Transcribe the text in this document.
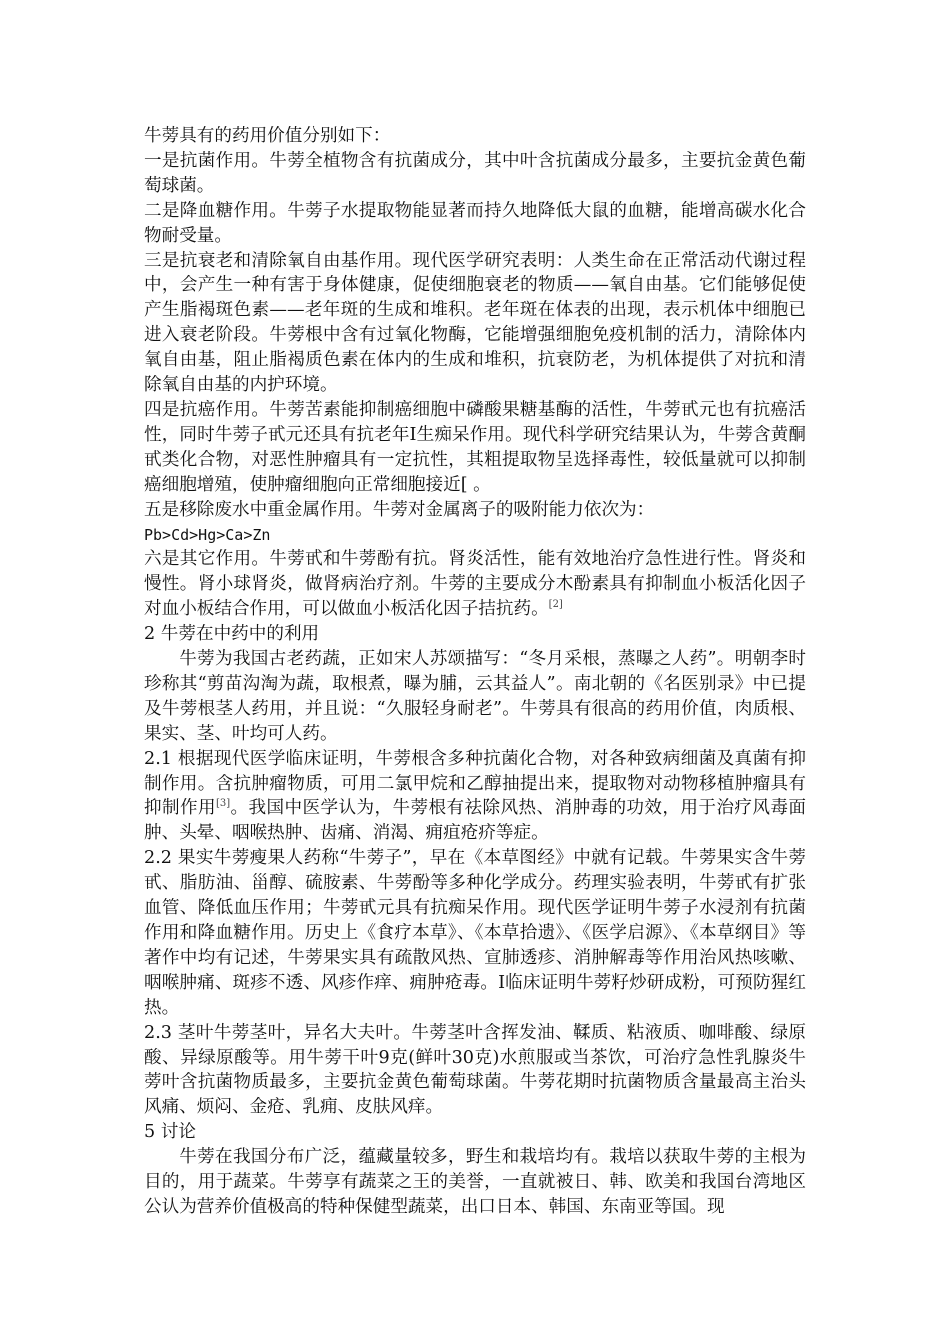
牛蒡具有的药用价值分别如下：

一是抗菌作用。牛蒡全植物含有抗菌成分，其中叶含抗菌成分最多，主要抗金黄色葡萄球菌。

二是降血糖作用。牛蒡子水提取物能显著而持久地降低大鼠的血糖，能增高碳水化合物耐受量。

三是抗衰老和清除氧自由基作用。现代医学研究表明：人类生命在正常活动代谢过程中，会产生一种有害于身体健康，促使细胞衰老的物质——氧自由基。它们能够促使产生脂褐斑色素——老年斑的生成和堆积。老年斑在体表的出现，表示机体中细胞已进入衰老阶段。牛蒡根中含有过氧化物酶，它能增强细胞免疫机制的活力，清除体内氧自由基，阻止脂褐质色素在体内的生成和堆积，抗衰防老，为机体提供了对抗和清除氧自由基的内护环境。

四是抗癌作用。牛蒡苦素能抑制癌细胞中磷酸果糖基酶的活性，牛蒡甙元也有抗癌活性，同时牛蒡子甙元还具有抗老年I生痴呆作用。现代科学研究结果认为，牛蒡含黄酮甙类化合物，对恶性肿瘤具有一定抗性，其粗提取物呈选择毒性，较低量就可以抑制癌细胞增殖，使肿瘤细胞向正常细胞接近[ 。

五是移除废水中重金属作用。牛蒡对金属离子的吸附能力依次为：

Pb>Cd>Hg>Ca>Zn

六是其它作用。牛蒡甙和牛蒡酚有抗。肾炎活性，能有效地治疗急性进行性。肾炎和慢性。肾小球肾炎，做肾病治疗剂。牛蒡的主要成分木酚素具有抑制血小板活化因子对血小板结合作用，可以做血小板活化因子拮抗药。[2]

2 牛蒡在中药中的利用

牛蒡为我国古老药蔬，正如宋人苏颂描写：“冬月采根，蒸曝之人药”。明朝李时珍称其“剪苗沟淘为蔬，取根煮，曝为脯，云其益人”。南北朝的《名医别录》中已提及牛蒡根茎人药用，并且说：“久服轻身耐老”。牛蒡具有很高的药用价值，肉质根、果实、茎、叶均可人药。

2.1 根据现代医学临床证明，牛蒡根含多种抗菌化合物，对各种致病细菌及真菌有抑制作用。含抗肿瘤物质，可用二氯甲烷和乙醇抽提出来，提取物对动物移植肿瘤具有抑制作用[3]。我国中医学认为，牛蒡根有祛除风热、消肿毒的功效，用于治疗风毒面肿、头晕、咽喉热肿、齿痛、消渴、痈疽疮疥等症。

2.2 果实牛蒡瘦果人药称“牛蒡子”，早在《本草图经》中就有记载。牛蒡果实含牛蒡甙、脂肪油、甾醇、硫胺素、牛蒡酚等多种化学成分。药理实验表明，牛蒡甙有扩张血管、降低血压作用；牛蒡甙元具有抗痴呆作用。现代医学证明牛蒡子水浸剂有抗菌作用和降血糖作用。历史上《食疗本草》、《本草拾遗》、《医学启源》、《本草纲目》等著作中均有记述，牛蒡果实具有疏散风热、宣肺透疹、消肿解毒等作用治风热咳嗽、咽喉肿痛、斑疹不透、风疹作痒、痈肿疮毒。I临床证明牛蒡籽炒研成粉，可预防猩红热。

2.3 茎叶牛蒡茎叶，异名大夫叶。牛蒡茎叶含挥发油、鞣质、粘液质、咖啡酸、绿原酸、异绿原酸等。用牛蒡干叶9克(鲜叶30克)水煎服或当茶饮，可治疗急性乳腺炎牛蒡叶含抗菌物质最多，主要抗金黄色葡萄球菌。牛蒡花期时抗菌物质含量最高主治头风痛、烦闷、金疮、乳痈、皮肤风痒。

5 讨论

牛蒡在我国分布广泛，蕴藏量较多，野生和栽培均有。栽培以获取牛蒡的主根为目的，用于蔬菜。牛蒡享有蔬菜之王的美誉，一直就被日、韩、欧美和我国台湾地区公认为营养价值极高的特种保健型蔬菜，出口日本、韩国、东南亚等国。现
